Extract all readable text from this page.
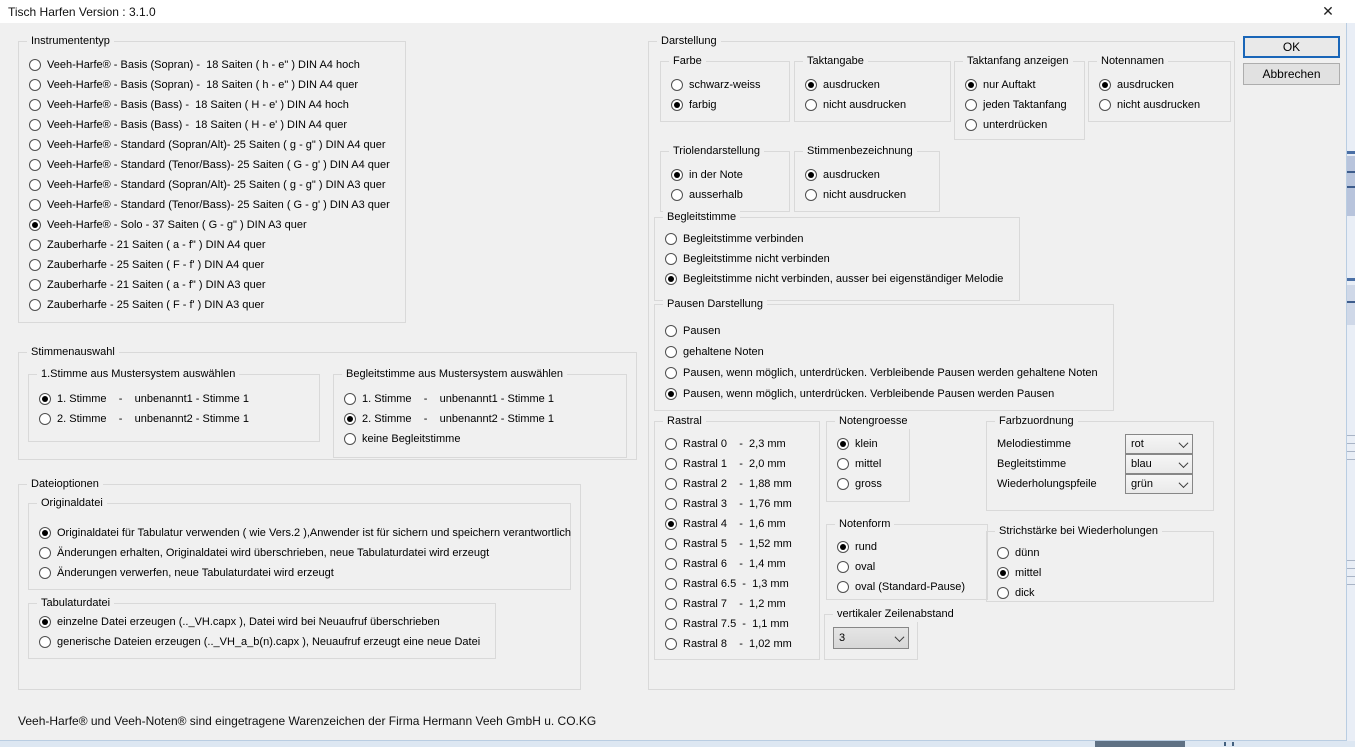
Tisch Harfen Version : 3.1.0	✕
Instrumententyp
Veeh-Harfe® - Basis (Sopran) -  18 Saiten ( h - e" ) DIN A4 hoch
Veeh-Harfe® - Basis (Sopran) -  18 Saiten ( h - e" ) DIN A4 quer
Veeh-Harfe® - Basis (Bass) -  18 Saiten ( H - e' ) DIN A4 hoch
Veeh-Harfe® - Basis (Bass) -  18 Saiten ( H - e' ) DIN A4 quer
Veeh-Harfe® - Standard (Sopran/Alt)- 25 Saiten ( g - g" ) DIN A4 quer
Veeh-Harfe® - Standard (Tenor/Bass)- 25 Saiten ( G - g' ) DIN A4 quer
Veeh-Harfe® - Standard (Sopran/Alt)- 25 Saiten ( g - g" ) DIN A3 quer
Veeh-Harfe® - Standard (Tenor/Bass)- 25 Saiten ( G - g' ) DIN A3 quer
Veeh-Harfe® - Solo - 37 Saiten ( G - g" ) DIN A3 quer
Zauberharfe - 21 Saiten ( a - f" ) DIN A4 quer
Zauberharfe - 25 Saiten ( F - f' ) DIN A4 quer
Zauberharfe - 21 Saiten ( a - f" ) DIN A3 quer
Zauberharfe - 25 Saiten ( F - f' ) DIN A3 quer
Stimmenauswahl
1.Stimme aus Mustersystem auswählen
1. Stimme    -    unbenannt1 - Stimme 1
2. Stimme    -    unbenannt2 - Stimme 1
Begleitstimme aus Mustersystem auswählen
1. Stimme    -    unbenannt1 - Stimme 1
2. Stimme    -    unbenannt2 - Stimme 1
keine Begleitstimme
Dateioptionen
Originaldatei
Originaldatei für Tabulatur verwenden ( wie Vers.2 ),Anwender ist für sichern und speichern verantwortlich
Änderungen erhalten, Originaldatei wird überschrieben, neue Tabulaturdatei wird erzeugt
Änderungen verwerfen, neue Tabulaturdatei wird erzeugt
Tabulaturdatei
einzelne Datei erzeugen (.._VH.capx ), Datei wird bei Neuaufruf überschrieben
generische Dateien erzeugen (.._VH_a_b(n).capx ), Neuaufruf erzeugt eine neue Datei
Darstellung
Farbe
schwarz-weiss
farbig
Taktangabe
ausdrucken
nicht ausdrucken
Taktanfang anzeigen
nur Auftakt
jeden Taktanfang
unterdrücken
Notennamen
ausdrucken
nicht ausdrucken
Triolendarstellung
in der Note
ausserhalb
Stimmenbezeichnung
ausdrucken
nicht ausdrucken
Begleitstimme
Begleitstimme verbinden
Begleitstimme nicht verbinden
Begleitstimme nicht verbinden, ausser bei eigenständiger Melodie
Pausen Darstellung
Pausen
gehaltene Noten
Pausen, wenn möglich, unterdrücken. Verbleibende Pausen werden gehaltene Noten
Pausen, wenn möglich, unterdrücken. Verbleibende Pausen werden Pausen
Rastral
Rastral 0    -  2,3 mm
Rastral 1    -  2,0 mm
Rastral 2    -  1,88 mm
Rastral 3    -  1,76 mm
Rastral 4    -  1,6 mm
Rastral 5    -  1,52 mm
Rastral 6    -  1,4 mm
Rastral 6.5  -  1,3 mm
Rastral 7    -  1,2 mm
Rastral 7.5  -  1,1 mm
Rastral 8    -  1,02 mm
Notengroesse
klein
mittel
gross
Notenform
rund
oval
oval (Standard-Pause)
vertikaler Zeilenabstand
3
Farbzuordnung
Melodiestimme	rot
Begleitstimme	blau
Wiederholungspfeile	grün
Strichstärke bei Wiederholungen
dünn
mittel
dick
OK
Abbrechen
Veeh-Harfe® und Veeh-Noten® sind eingetragene Warenzeichen der Firma Hermann Veeh GmbH u. CO.KG
